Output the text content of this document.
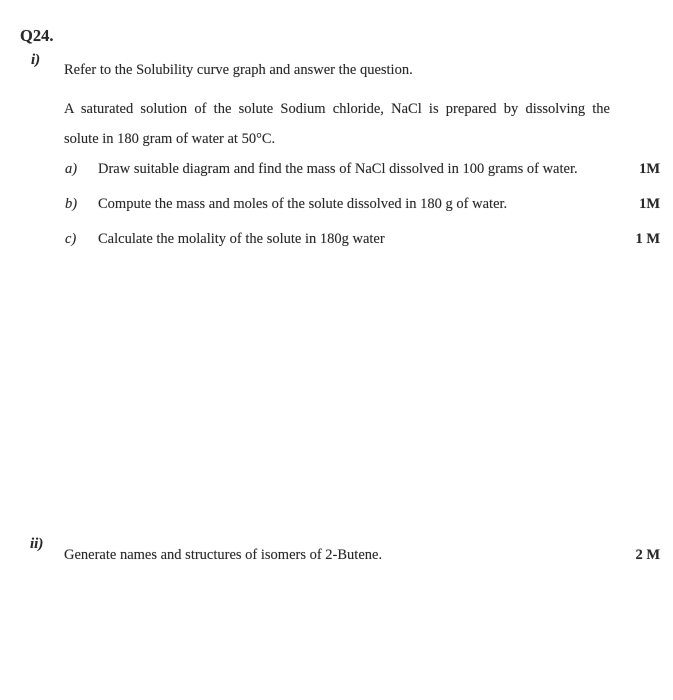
Q24.
i)
Refer to the Solubility curve graph and answer the question.
A saturated solution of the solute Sodium chloride, NaCl is prepared by dissolving the
solute in 180 gram of water at 50°C.
a)	Draw suitable diagram and find the mass of NaCl dissolved in 100 grams of water.	1M
b)	Compute the mass and moles of the solute dissolved in 180 g of water.	1M
c)	Calculate the molality of the solute in 180g water	1 M
ii)
Generate names and structures of isomers of 2-Butene.	2 M
